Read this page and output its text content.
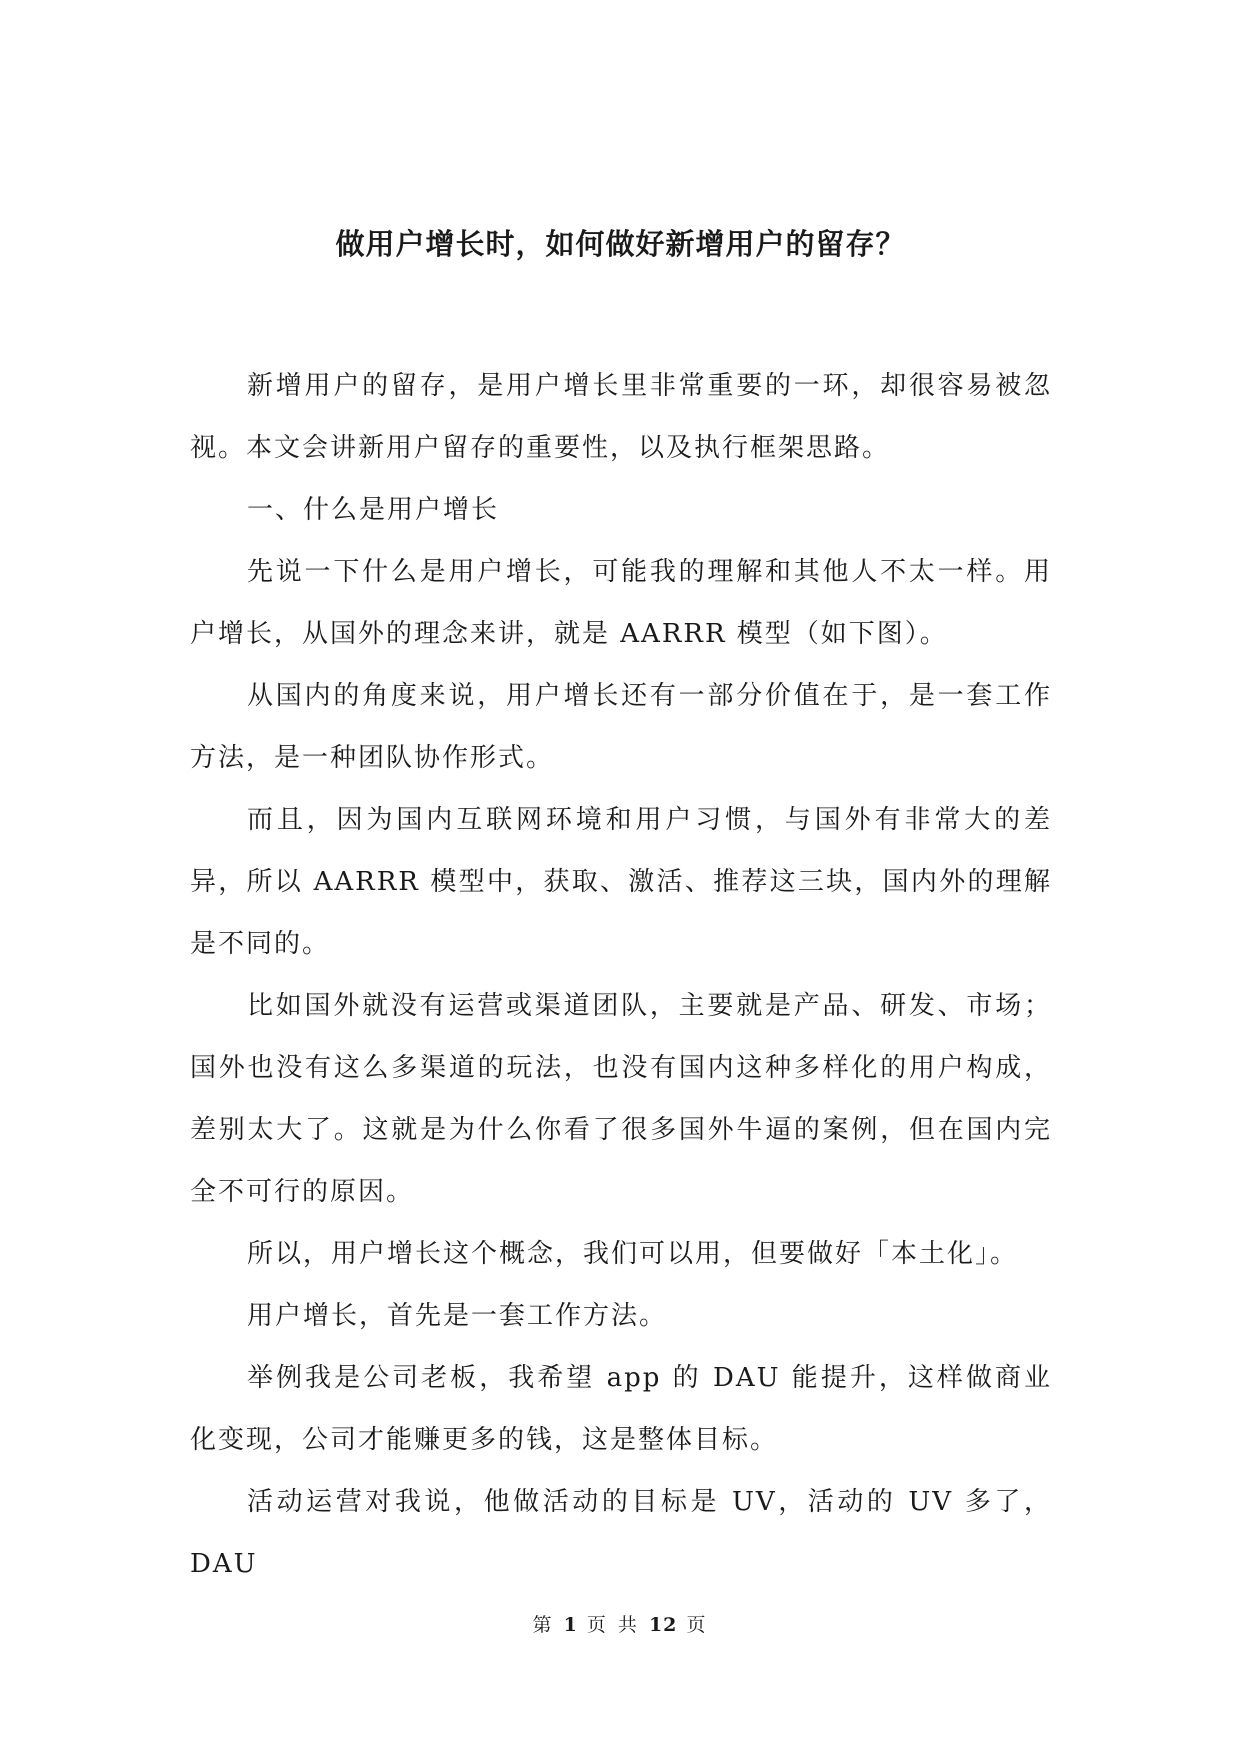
做用户增长时，如何做好新增用户的留存？

新增用户的留存，是用户增长里非常重要的一环，却很容易被忽视。本文会讲新用户留存的重要性，以及执行框架思路。

一、什么是用户增长

先说一下什么是用户增长，可能我的理解和其他人不太一样。用户增长，从国外的理念来讲，就是 AARRR 模型（如下图）。

从国内的角度来说，用户增长还有一部分价值在于，是一套工作方法，是一种团队协作形式。

而且，因为国内互联网环境和用户习惯，与国外有非常大的差异，所以 AARRR 模型中，获取、激活、推荐这三块，国内外的理解是不同的。

比如国外就没有运营或渠道团队，主要就是产品、研发、市场；国外也没有这么多渠道的玩法，也没有国内这种多样化的用户构成，差别太大了。这就是为什么你看了很多国外牛逼的案例，但在国内完全不可行的原因。

所以，用户增长这个概念，我们可以用，但要做好「本土化」。

用户增长，首先是一套工作方法。

举例我是公司老板，我希望 app 的 DAU 能提升，这样做商业化变现，公司才能赚更多的钱，这是整体目标。

活动运营对我说，他做活动的目标是 UV，活动的 UV 多了，DAU

第 1 页 共 12 页
